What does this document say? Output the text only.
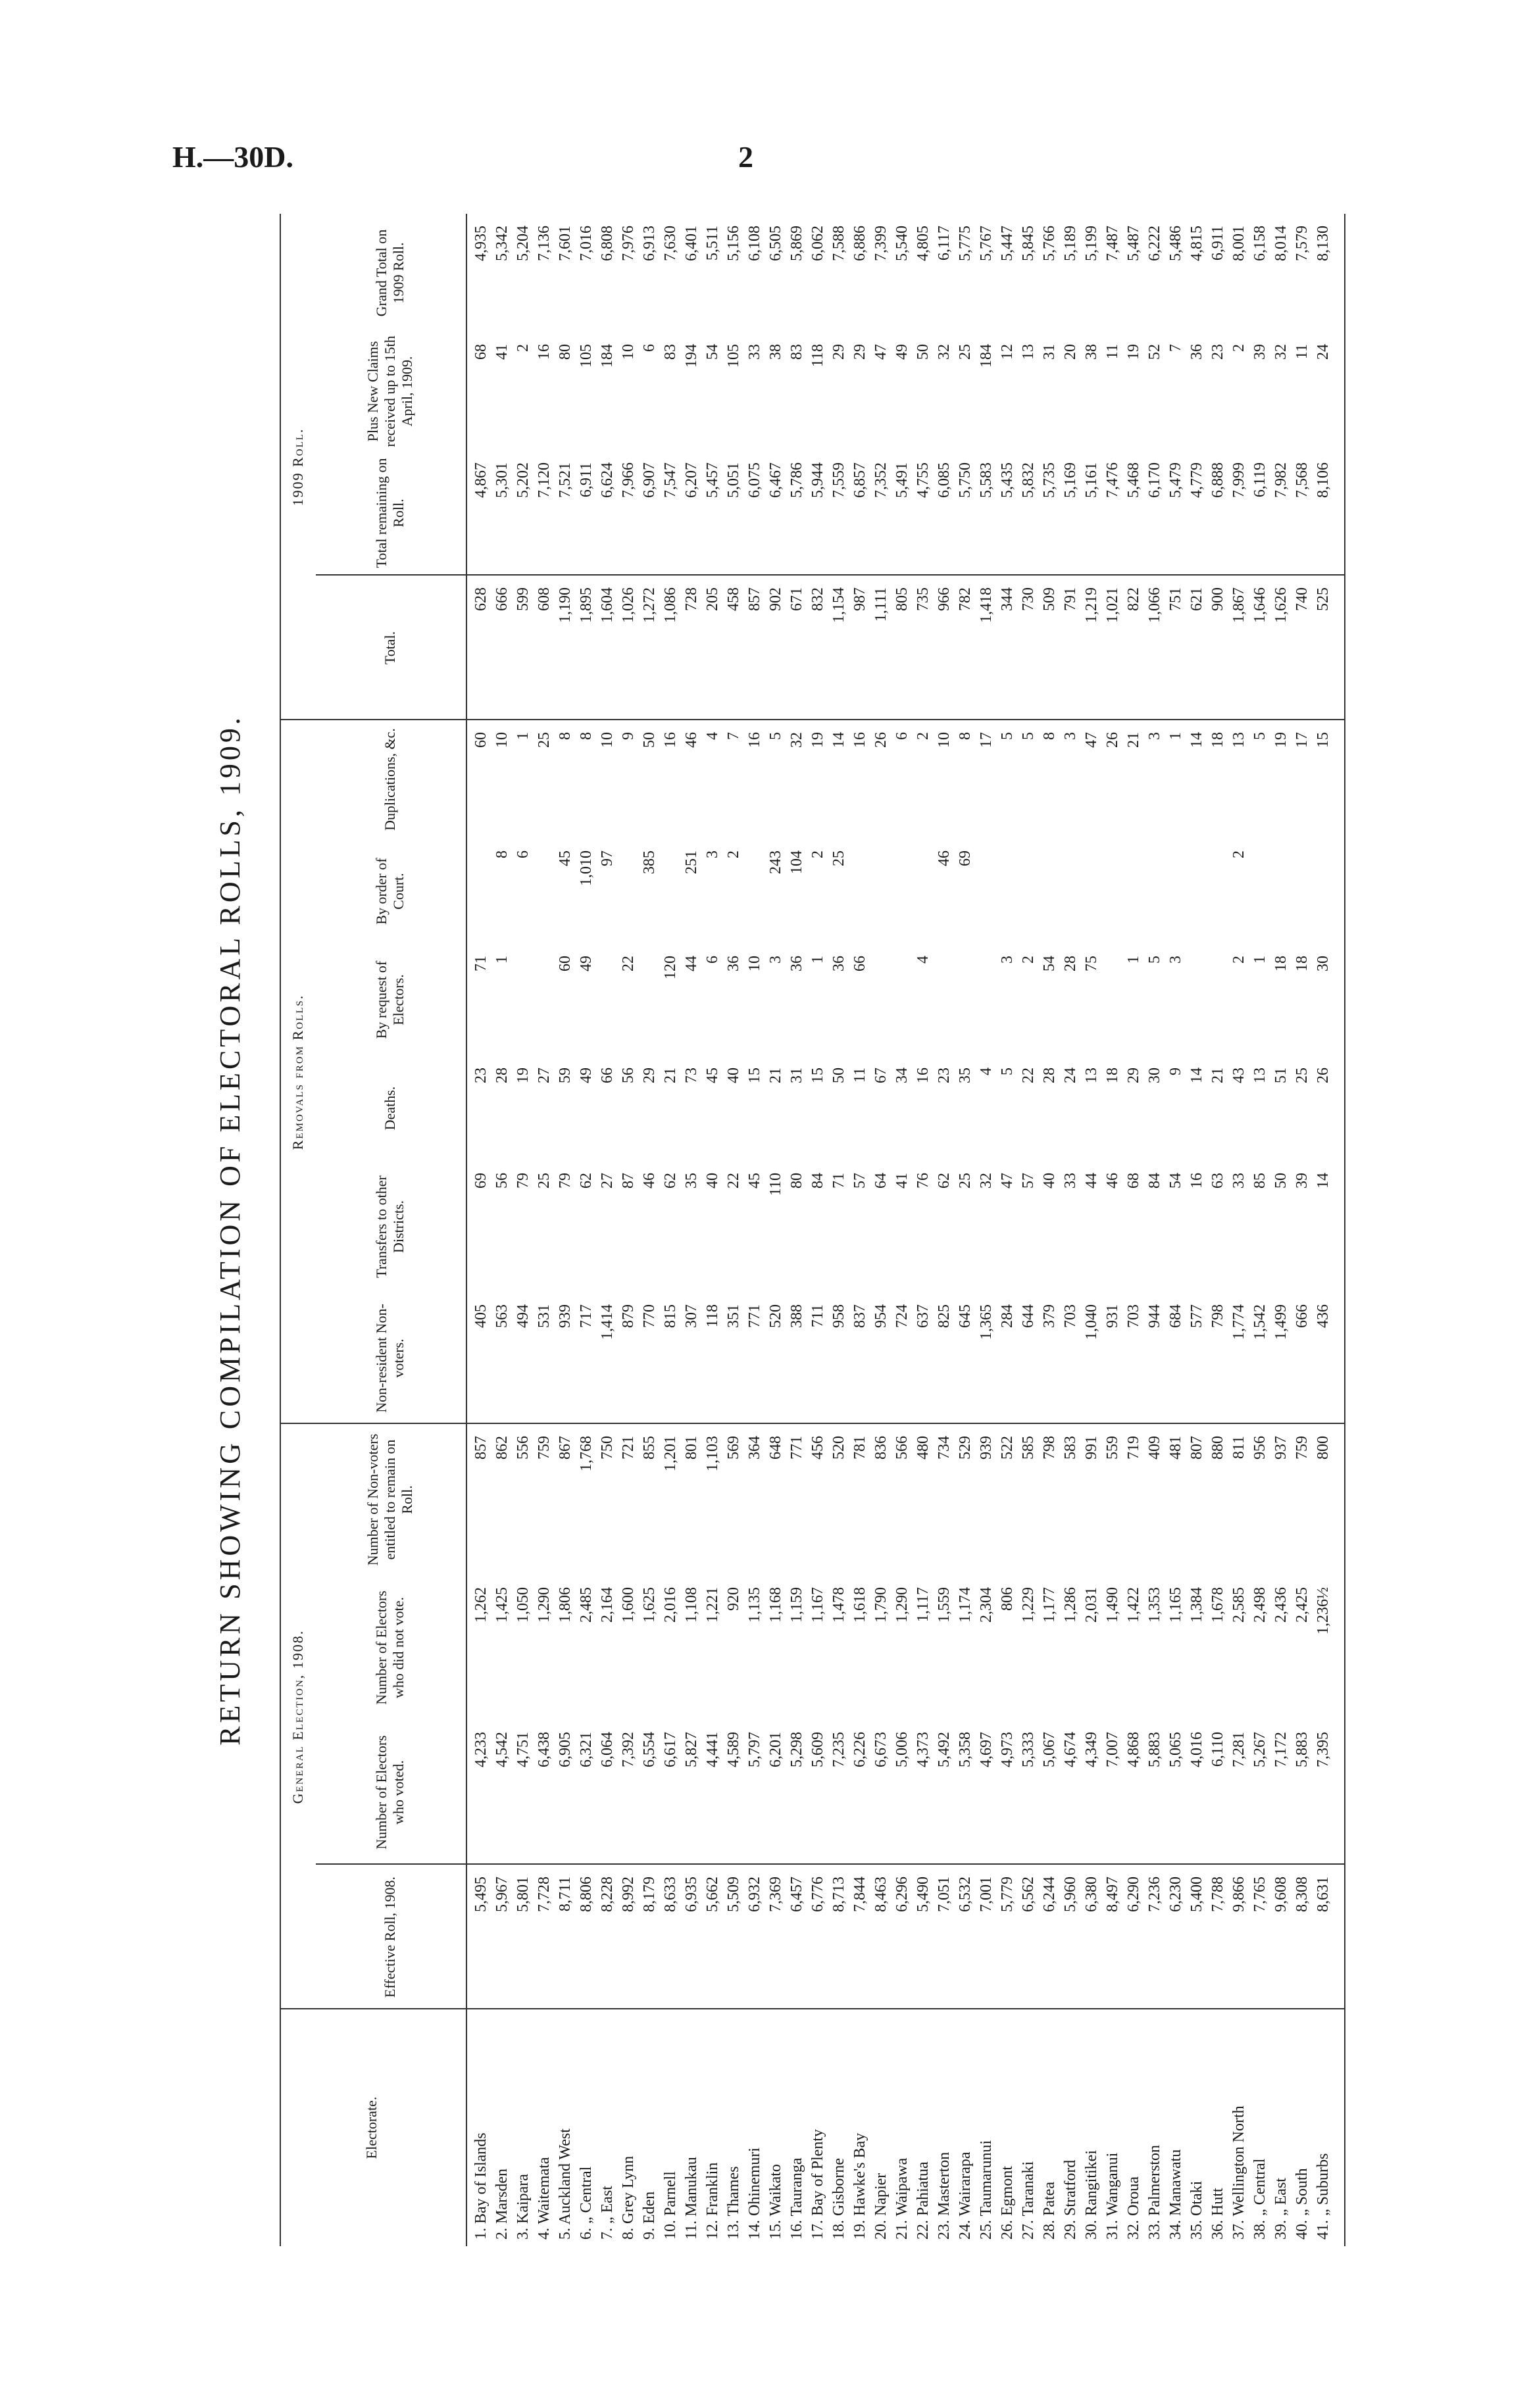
H.—30D.	2
RETURN SHOWING COMPILATION OF ELECTORAL ROLLS, 1909.	General Election, 1908.
Removals from Rolls.
1909 Roll.
Electorate.
Effective Roll, 1908.
Number of Electors who voted.
Number of Electors who did not vote.
Number of Non-voters entitled to remain on Roll.
Non-resident Non-voters.
Transfers to other Districts.
Deaths.
By request of Electors.
By order of Court.
Duplications, &c.
Total.
Total remaining on Roll.
Plus New Claims received up to 15th April, 1909.
Grand Total on 1909 Roll.
1. Bay of Islands
5,495
4,233
1,262
857
405
69
23
71
60
628
4,867
68
4,935
2. Marsden
5,967
4,542
1,425
862
563
56
28
1
8
10
666
5,301
41
5,342
3. Kaipara
5,801
4,751
1,050
556
494
79
19
6
1
599
5,202
2
5,204
4. Waitemata
7,728
6,438
1,290
759
531
25
27
25
608
7,120
16
7,136
5. Auckland West
8,711
6,905
1,806
867
939
79
59
60
45
8
1,190
7,521
80
7,601
6. „ Central
8,806
6,321
2,485
1,768
717
62
49
49
1,010
8
1,895
6,911
105
7,016
7. „ East
8,228
6,064
2,164
750
1,414
27
66
97
10
1,604
6,624
184
6,808
8. Grey Lynn
8,992
7,392
1,600
721
879
87
56
22
9
1,026
7,966
10
7,976
9. Eden
8,179
6,554
1,625
855
770
46
29
385
50
1,272
6,907
6
6,913
10. Parnell
8,633
6,617
2,016
1,201
815
62
21
120
16
1,086
7,547
83
7,630
11. Manukau
6,935
5,827
1,108
801
307
35
73
44
251
46
728
6,207
194
6,401
12. Franklin
5,662
4,441
1,221
1,103
118
40
45
6
3
4
205
5,457
54
5,511
13. Thames
5,509
4,589
920
569
351
22
40
36
2
7
458
5,051
105
5,156
14. Ohinemuri
6,932
5,797
1,135
364
771
45
15
10
16
857
6,075
33
6,108
15. Waikato
7,369
6,201
1,168
648
520
110
21
3
243
5
902
6,467
38
6,505
16. Tauranga
6,457
5,298
1,159
771
388
80
31
36
104
32
671
5,786
83
5,869
17. Bay of Plenty
6,776
5,609
1,167
456
711
84
15
1
2
19
832
5,944
118
6,062
18. Gisborne
8,713
7,235
1,478
520
958
71
50
36
25
14
1,154
7,559
29
7,588
19. Hawke's Bay
7,844
6,226
1,618
781
837
57
11
66
16
987
6,857
29
6,886
20. Napier
8,463
6,673
1,790
836
954
64
67
26
1,111
7,352
47
7,399
21. Waipawa
6,296
5,006
1,290
566
724
41
34
6
805
5,491
49
5,540
22. Pahiatua
5,490
4,373
1,117
480
637
76
16
4
2
735
4,755
50
4,805
23. Masterton
7,051
5,492
1,559
734
825
62
23
46
10
966
6,085
32
6,117
24. Wairarapa
6,532
5,358
1,174
529
645
25
35
69
8
782
5,750
25
5,775
25. Taumarunui
7,001
4,697
2,304
939
1,365
32
4
17
1,418
5,583
184
5,767
26. Egmont
5,779
4,973
806
522
284
47
5
3
5
344
5,435
12
5,447
27. Taranaki
6,562
5,333
1,229
585
644
57
22
2
5
730
5,832
13
5,845
28. Patea
6,244
5,067
1,177
798
379
40
28
54
8
509
5,735
31
5,766
29. Stratford
5,960
4,674
1,286
583
703
33
24
28
3
791
5,169
20
5,189
30. Rangitikei
6,380
4,349
2,031
991
1,040
44
13
75
47
1,219
5,161
38
5,199
31. Wanganui
8,497
7,007
1,490
559
931
46
18
26
1,021
7,476
11
7,487
32. Oroua
6,290
4,868
1,422
719
703
68
29
1
21
822
5,468
19
5,487
33. Palmerston
7,236
5,883
1,353
409
944
84
30
5
3
1,066
6,170
52
6,222
34. Manawatu
6,230
5,065
1,165
481
684
54
9
3
1
751
5,479
7
5,486
35. Otaki
5,400
4,016
1,384
807
577
16
14
14
621
4,779
36
4,815
36. Hutt
7,788
6,110
1,678
880
798
63
21
18
900
6,888
23
6,911
37. Wellington North
9,866
7,281
2,585
811
1,774
33
43
2
2
13
1,867
7,999
2
8,001
38. „ Central
7,765
5,267
2,498
956
1,542
85
13
1
5
1,646
6,119
39
6,158
39. „ East
9,608
7,172
2,436
937
1,499
50
51
18
19
1,626
7,982
32
8,014
40. „ South
8,308
5,883
2,425
759
666
39
25
18
17
740
7,568
11
7,579
41. „ Suburbs
8,631
7,395
1,236½
800
436
14
26
30
15
525
8,106
24
8,130
